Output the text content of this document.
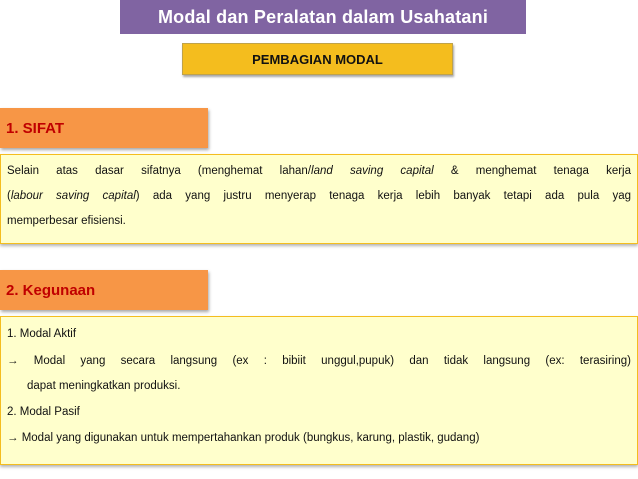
Modal dan Peralatan dalam Usahatani
PEMBAGIAN MODAL
1. SIFAT
Selain atas dasar sifatnya (menghemat lahan/land saving capital & menghemat tenaga kerja
(labour saving capital) ada yang justru menyerap tenaga kerja lebih banyak tetapi ada pula yag
memperbesar efisiensi.
2. Kegunaan
1. Modal Aktif
→ Modal yang secara langsung (ex : bibiit unggul,pupuk) dan tidak langsung (ex: terasiring)
dapat meningkatkan produksi.
2. Modal Pasif
→ Modal yang digunakan untuk mempertahankan produk (bungkus, karung, plastik, gudang)
